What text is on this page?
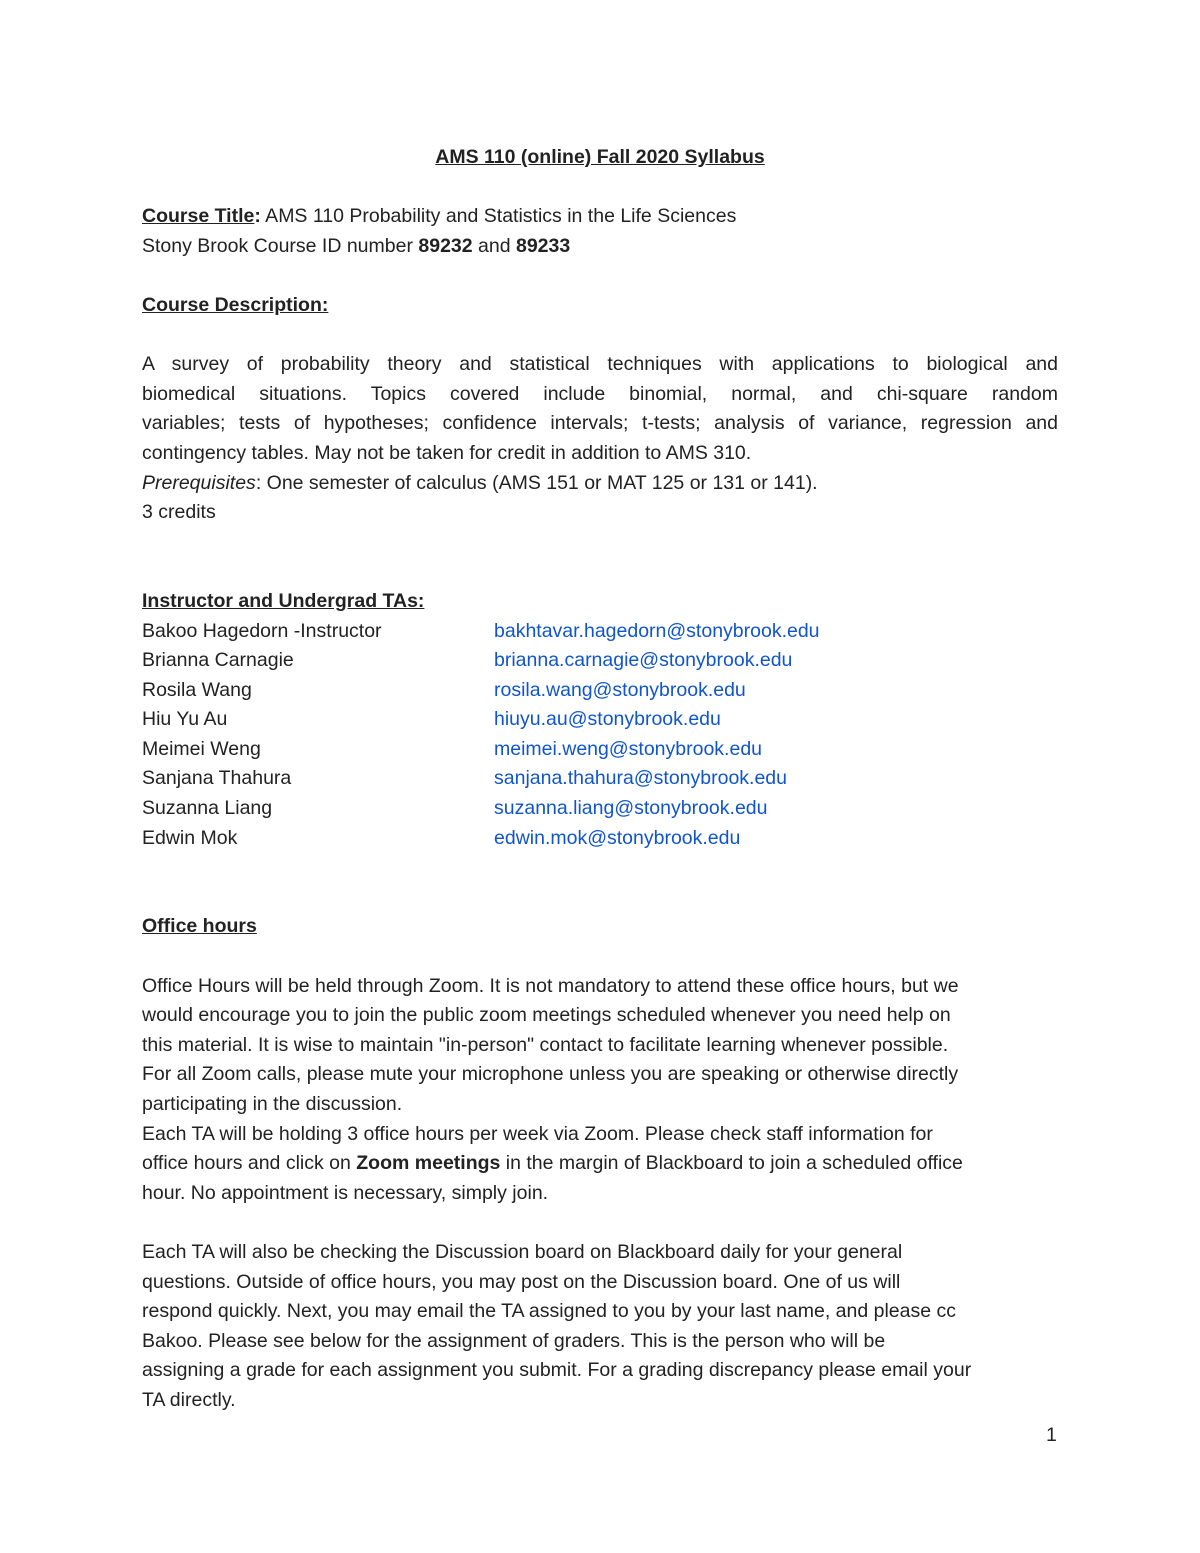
AMS 110 (online) Fall 2020 Syllabus

Course Title: AMS 110 Probability and Statistics in the Life Sciences

Stony Brook Course ID number 89232 and 89233

Course Description:

A survey of probability theory and statistical techniques with applications to biological and

biomedical situations. Topics covered include binomial, normal, and chi-square random

variables; tests of hypotheses; confidence intervals; t-tests; analysis of variance, regression and

contingency tables. May not be taken for credit in addition to AMS 310.

Prerequisites: One semester of calculus (AMS 151 or MAT 125 or 131 or 141).

3 credits

Instructor and Undergrad TAs:

Bakoo Hagedorn -Instructor	bakhtavar.hagedorn@stonybrook.edu
Brianna Carnagie	brianna.carnagie@stonybrook.edu
Rosila Wang	rosila.wang@stonybrook.edu
Hiu Yu Au	hiuyu.au@stonybrook.edu
Meimei Weng	meimei.weng@stonybrook.edu
Sanjana Thahura	sanjana.thahura@stonybrook.edu
Suzanna Liang	suzanna.liang@stonybrook.edu
Edwin Mok	edwin.mok@stonybrook.edu

Office hours

Office Hours will be held through Zoom. It is not mandatory to attend these office hours, but we

would encourage you to join the public zoom meetings scheduled whenever you need help on

this material. It is wise to maintain "in-person" contact to facilitate learning whenever possible.

For all Zoom calls, please mute your microphone unless you are speaking or otherwise directly

participating in the discussion.

Each TA will be holding 3 office hours per week via Zoom. Please check staff information for

office hours and click on Zoom meetings in the margin of Blackboard to join a scheduled office

hour. No appointment is necessary, simply join.

Each TA will also be checking the Discussion board on Blackboard daily for your general

questions. Outside of office hours, you may post on the Discussion board. One of us will

respond quickly. Next, you may email the TA assigned to you by your last name, and please cc

Bakoo. Please see below for the assignment of graders. This is the person who will be

assigning a grade for each assignment you submit. For a grading discrepancy please email your

TA directly.

1
